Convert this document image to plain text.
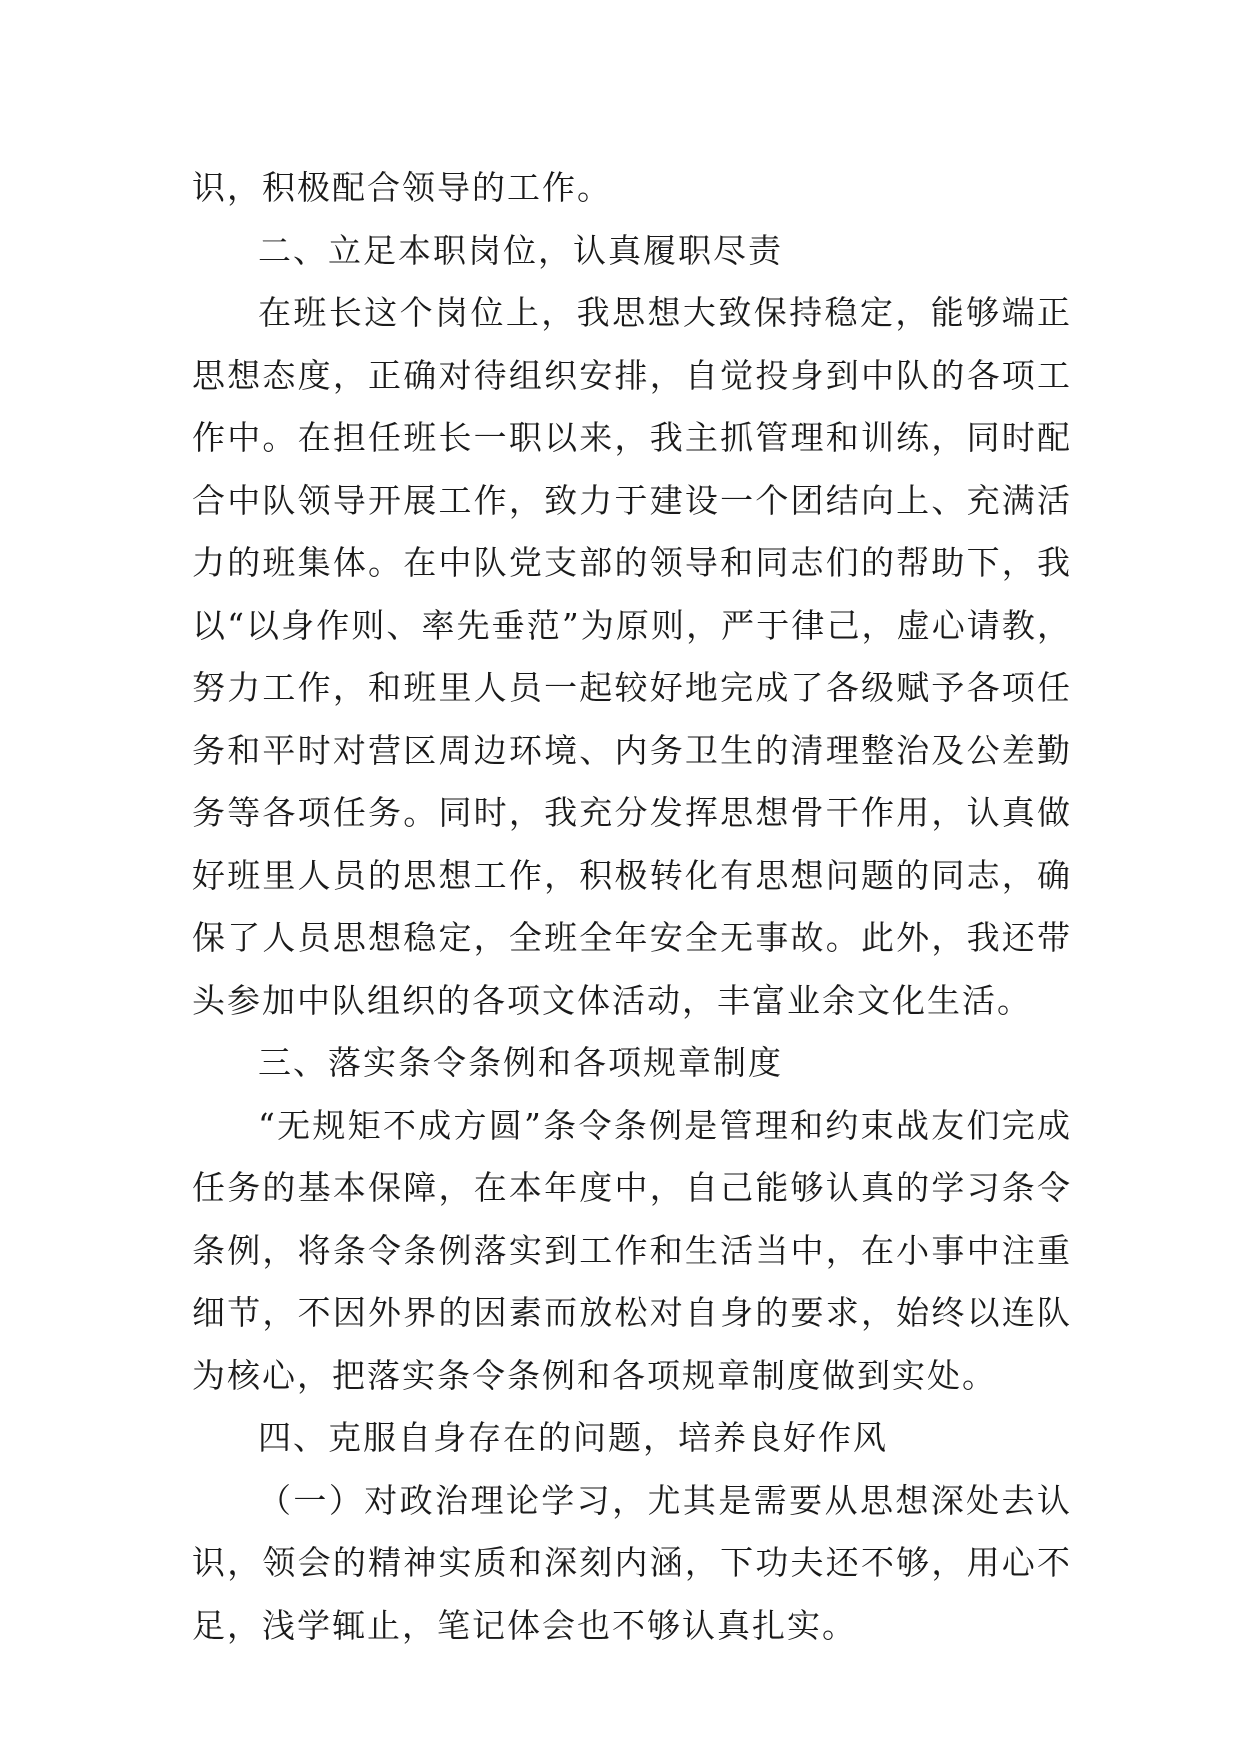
识，积极配合领导的工作。

二、立足本职岗位，认真履职尽责

在班长这个岗位上，我思想大致保持稳定，能够端正思想态度，正确对待组织安排，自觉投身到中队的各项工作中。在担任班长一职以来，我主抓管理和训练，同时配合中队领导开展工作，致力于建设一个团结向上、充满活力的班集体。在中队党支部的领导和同志们的帮助下，我以“以身作则、率先垂范”为原则，严于律己，虚心请教，努力工作，和班里人员一起较好地完成了各级赋予各项任务和平时对营区周边环境、内务卫生的清理整治及公差勤务等各项任务。同时，我充分发挥思想骨干作用，认真做好班里人员的思想工作，积极转化有思想问题的同志，确保了人员思想稳定，全班全年安全无事故。此外，我还带头参加中队组织的各项文体活动，丰富业余文化生活。

三、落实条令条例和各项规章制度

“无规矩不成方圆”条令条例是管理和约束战友们完成任务的基本保障，在本年度中，自己能够认真的学习条令条例，将条令条例落实到工作和生活当中，在小事中注重细节，不因外界的因素而放松对自身的要求，始终以连队为核心，把落实条令条例和各项规章制度做到实处。

四、克服自身存在的问题，培养良好作风

（一）对政治理论学习，尤其是需要从思想深处去认识，领会的精神实质和深刻内涵，下功夫还不够，用心不足，浅学辄止，笔记体会也不够认真扎实。
